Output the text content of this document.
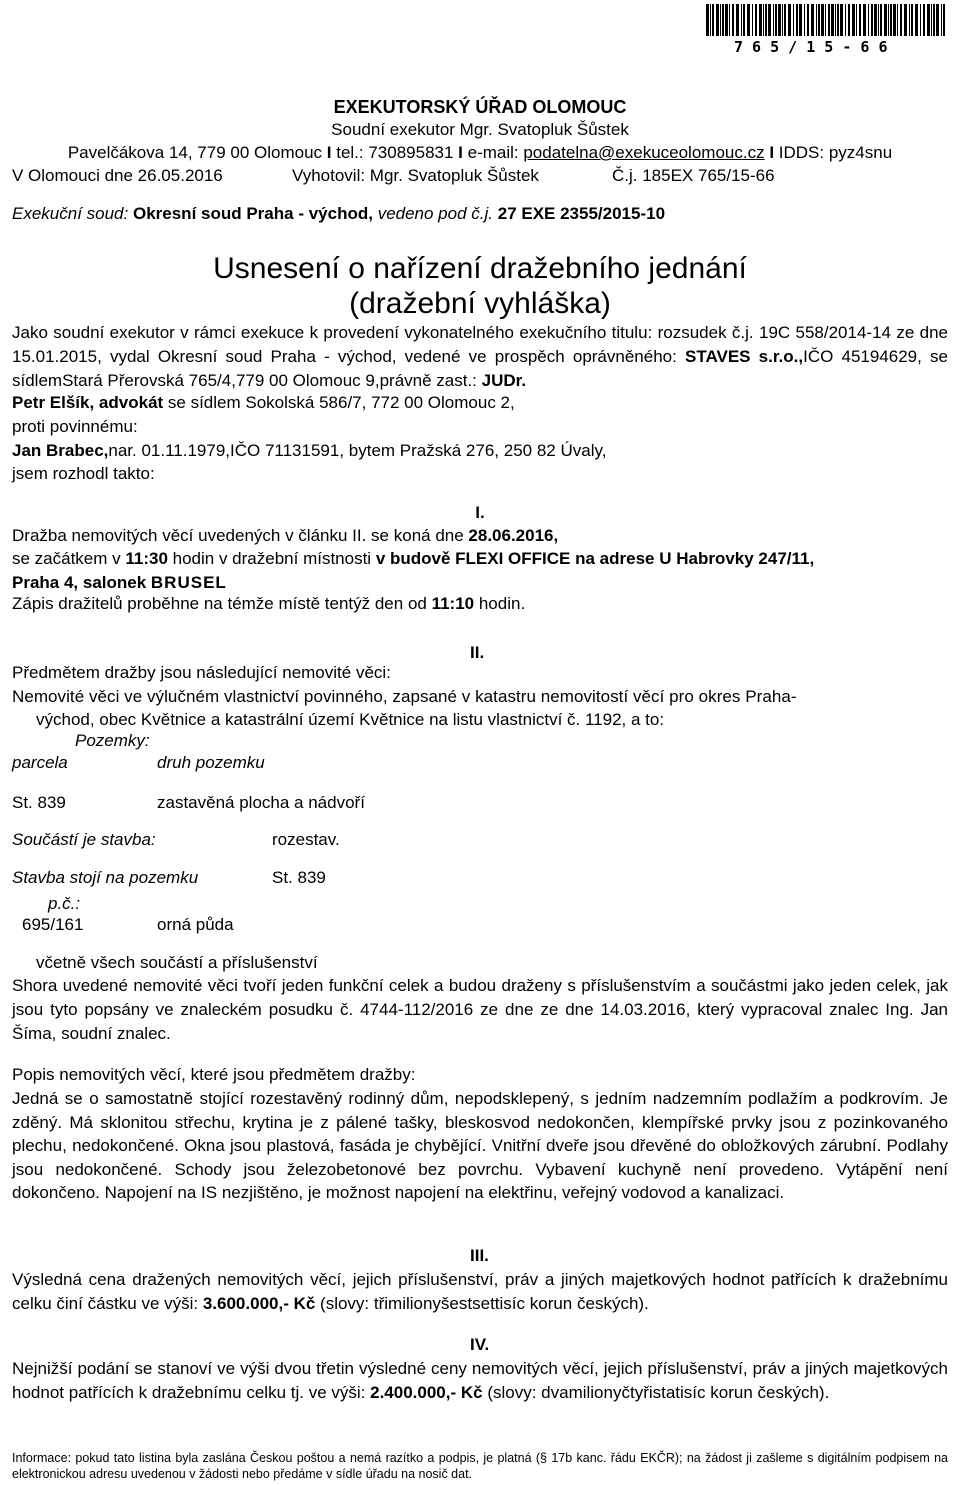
7 6 5 / 1 5 - 6 6
EXEKUTORSKÝ ÚŘAD OLOMOUC
Soudní exekutor Mgr. Svatopluk Šůstek
Pavelčákova 14, 779 00 Olomouc I tel.: 730895831 I e-mail: podatelna@exekuceolomouc.cz I IDDS: pyz4snu
V Olomouci dne 26.05.2016	Vyhotovil: Mgr. Svatopluk Šůstek	Č.j. 185EX 765/15-66
Exekuční soud: Okresní soud Praha - východ, vedeno pod č.j. 27 EXE 2355/2015-10
Usnesení o nařízení dražebního jednání
(dražební vyhláška)
Jako soudní exekutor v rámci exekuce k provedení vykonatelného exekučního titulu: rozsudek č.j. 19C 558/2014-14 ze dne 15.01.2015, vydal Okresní soud Praha - východ, vedené ve prospěch oprávněného: STAVES s.r.o.,IČO 45194629, se sídlemStará Přerovská 765/4,779 00 Olomouc 9,právně zast.: JUDr.
Petr Elšík, advokát se sídlem Sokolská 586/7, 772 00 Olomouc 2,
proti povinnému:
Jan Brabec,nar. 01.11.1979,IČO 71131591, bytem Pražská 276, 250 82 Úvaly,
jsem rozhodl takto:
I.
Dražba nemovitých věcí uvedených v článku II. se koná dne 28.06.2016,
se začátkem v 11:30 hodin v dražební místnosti v budově FLEXI OFFICE na adrese U Habrovky 247/11,
Praha 4, salonek BRUSEL
Zápis dražitelů proběhne na témže místě tentýž den od 11:10 hodin.
II.
Předmětem dražby jsou následující nemovité věci:
Nemovité věci ve výlučném vlastnictví povinného, zapsané v katastru nemovitostí věcí pro okres Praha-
východ, obec Květnice a katastrální území Květnice na listu vlastnictví č. 1192, a to:
Pozemky:
parcela	druh pozemku
St. 839	zastavěná plocha a nádvoří
Součástí je stavba:	rozestav.
Stavba stojí na pozemku	St. 839
p.č.:
695/161	orná půda
včetně všech součástí a příslušenství
Shora uvedené nemovité věci tvoří jeden funkční celek a budou draženy s příslušenstvím a součástmi jako jeden celek, jak jsou tyto popsány ve znaleckém posudku č. 4744-112/2016 ze dne ze dne 14.03.2016, který vypracoval znalec Ing. Jan Šíma, soudní znalec.
Popis nemovitých věcí, které jsou předmětem dražby:
Jedná se o samostatně stojící rozestavěný rodinný dům, nepodsklepený, s jedním nadzemním podlažím a podkrovím. Je zděný. Má sklonitou střechu, krytina je z pálené tašky, bleskosvod nedokončen, klempířské prvky jsou z pozinkovaného plechu, nedokončené. Okna jsou plastová, fasáda je chybějící. Vnitřní dveře jsou dřevěné do obložkových zárubní. Podlahy jsou nedokončené. Schody jsou železobetonové bez povrchu. Vybavení kuchyně není provedeno. Vytápění není dokončeno. Napojení na IS nezjištěno, je možnost napojení na elektřinu, veřejný vodovod a kanalizaci.
III.
Výsledná cena dražených nemovitých věcí, jejich příslušenství, práv a jiných majetkových hodnot patřících k dražebnímu celku činí částku ve výši: 3.600.000,- Kč (slovy: třimilionyšestsettisíc korun českých).
IV.
Nejnižší podání se stanoví ve výši dvou třetin výsledné ceny nemovitých věcí, jejich příslušenství, práv a jiných majetkových hodnot patřících k dražebnímu celku tj. ve výši: 2.400.000,- Kč (slovy: dvamilionyčtyřistatisíc korun českých).
Informace: pokud tato listina byla zaslána Českou poštou a nemá razítko a podpis, je platná (§ 17b kanc. řádu EKČR); na žádost ji zašleme s digitálním podpisem na elektronickou adresu uvedenou v žádosti nebo předáme v sídle úřadu na nosič dat.
